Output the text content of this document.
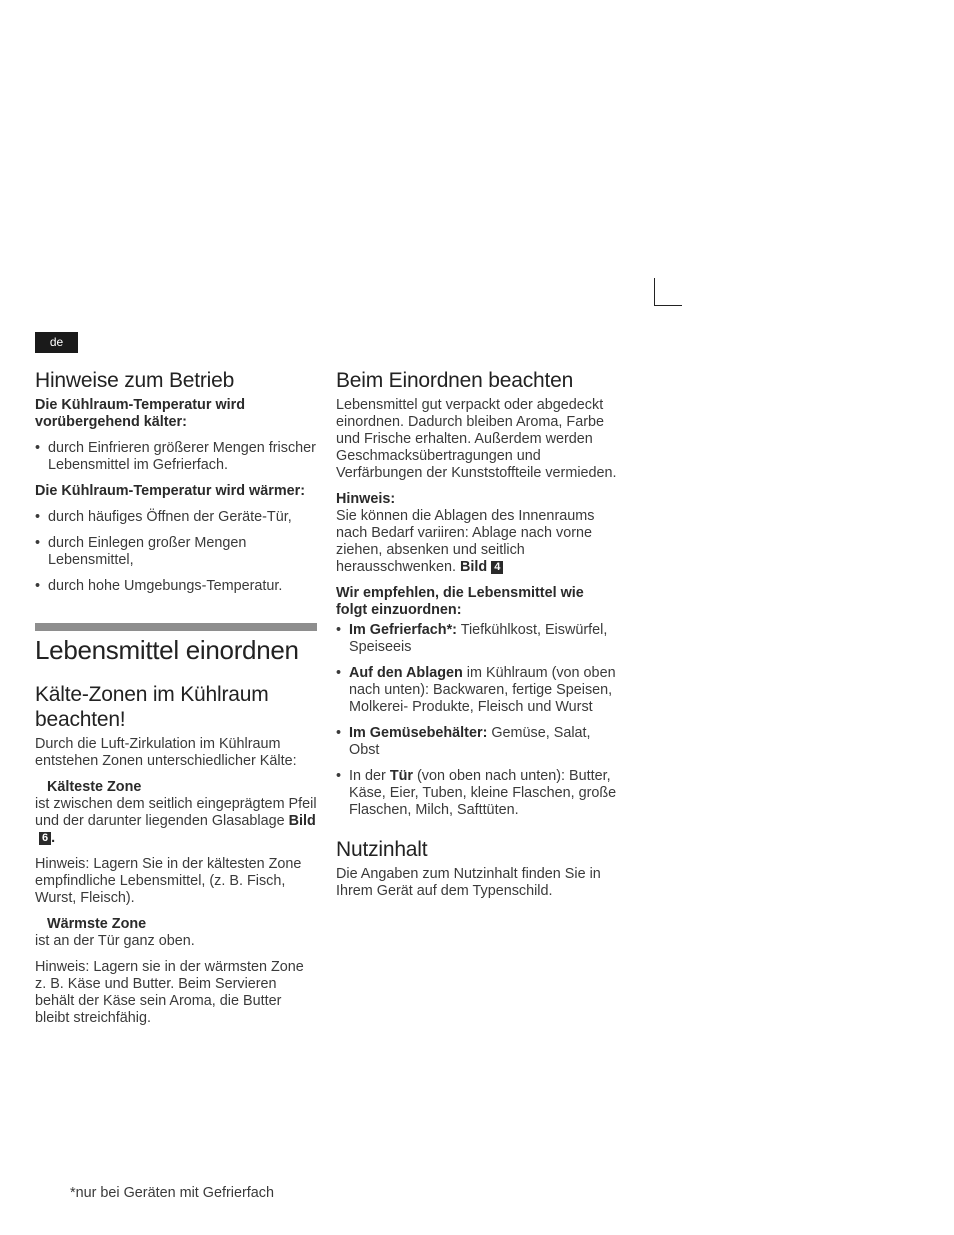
de
Hinweise zum Betrieb

Die Kühlraum-Temperatur wird vorübergehend kälter:

• durch Einfrieren größerer Mengen frischer Lebensmittel im Gefrierfach.

Die Kühlraum-Temperatur wird wärmer:

• durch häufiges Öffnen der Geräte-Tür,
• durch Einlegen großer Mengen Lebensmittel,
• durch hohe Umgebungs-Temperatur.
Lebensmittel einordnen
Kälte-Zonen im Kühlraum beachten!

Durch die Luft-Zirkulation im Kühlraum entstehen Zonen unterschiedlicher Kälte:

Kälteste Zone

ist zwischen dem seitlich eingeprägtem Pfeil und der darunter liegenden Glasablage Bild6 .

Hinweis: Lagern Sie in der kältesten Zone empfindliche Lebensmittel, (z. B. Fisch, Wurst, Fleisch).

Wärmste Zone

ist an der Tür ganz oben.

Hinweis: Lagern sie in der wärmsten Zone z. B. Käse und Butter. Beim Servieren behält der Käse sein Aroma, die Butter bleibt streichfähig.

Beim Einordnen beachten

Lebensmittel gut verpackt oder abgedeckt einordnen. Dadurch bleiben Aroma, Farbe und Frische erhalten. Außerdem werden Geschmacksübertragungen und Verfärbungen der Kunststoffteile vermieden.

Hinweis:

Sie können die Ablagen des Innenraums nach Bedarf variiren: Ablage nach vorne ziehen, absenken und seitlich herausschwenken. Bild 4

Wir empfehlen, die Lebensmittel wie folgt einzuordnen:

• Im Gefrierfach*: Tiefkühlkost, Eiswürfel, Speiseeis
• Auf den Ablagen im Kühlraum (von oben nach unten): Backwaren, fertige Speisen, Molkerei- Produkte, Fleisch und Wurst
• Im Gemüsebehälter: Gemüse, Salat, Obst
• In der Tür (von oben nach unten): Butter, Käse, Eier, Tuben, kleine Flaschen, große Flaschen, Milch, Safttüten.
Nutzinhalt

Die Angaben zum Nutzinhalt finden Sie in Ihrem Gerät auf dem Typenschild.

*nur bei Geräten mit Gefrierfach
